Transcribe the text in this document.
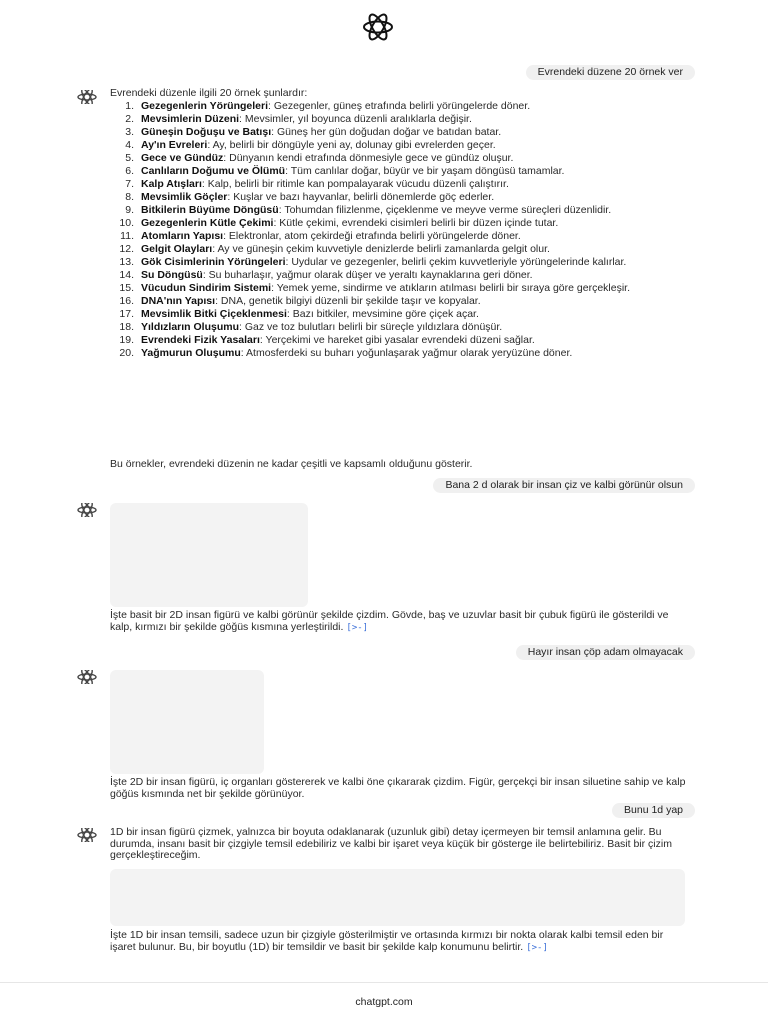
Evrendeki düzene 20 örnek ver
Evrendeki düzenle ilgili 20 örnek şunlardır:
1. Gezegenlerin Yörüngeleri: Gezegenler, güneş etrafında belirli yörüngelerde döner.
2. Mevsimlerin Düzeni: Mevsimler, yıl boyunca düzenli aralıklarla değişir.
3. Güneşin Doğuşu ve Batışı: Güneş her gün doğudan doğar ve batıdan batar.
4. Ay'ın Evreleri: Ay, belirli bir döngüyle yeni ay, dolunay gibi evrelerden geçer.
5. Gece ve Gündüz: Dünyanın kendi etrafında dönmesiyle gece ve gündüz oluşur.
6. Canlıların Doğumu ve Ölümü: Tüm canlılar doğar, büyür ve bir yaşam döngüsü tamamlar.
7. Kalp Atışları: Kalp, belirli bir ritimle kan pompalayarak vücudu düzenli çalıştırır.
8. Mevsimlik Göçler: Kuşlar ve bazı hayvanlar, belirli dönemlerde göç ederler.
9. Bitkilerin Büyüme Döngüsü: Tohumdan filizlenme, çiçeklenme ve meyve verme süreçleri düzenlidir.
10. Gezegenlerin Kütle Çekimi: Kütle çekimi, evrendeki cisimleri belirli bir düzen içinde tutar.
11. Atomların Yapısı: Elektronlar, atom çekirdeği etrafında belirli yörüngelerde döner.
12. Gelgit Olayları: Ay ve güneşin çekim kuvvetiyle denizlerde belirli zamanlarda gelgit olur.
13. Gök Cisimlerinin Yörüngeleri: Uydular ve gezegenler, belirli çekim kuvvetleriyle yörüngelerinde kalırlar.
14. Su Döngüsü: Su buharlaşır, yağmur olarak düşer ve yeraltı kaynaklarına geri döner.
15. Vücudun Sindirim Sistemi: Yemek yeme, sindirme ve atıkların atılması belirli bir sıraya göre gerçekleşir.
16. DNA'nın Yapısı: DNA, genetik bilgiyi düzenli bir şekilde taşır ve kopyalar.
17. Mevsimlik Bitki Çiçeklenmesi: Bazı bitkiler, mevsimine göre çiçek açar.
18. Yıldızların Oluşumu: Gaz ve toz bulutları belirli bir süreçle yıldızlara dönüşür.
19. Evrendeki Fizik Yasaları: Yerçekimi ve hareket gibi yasalar evrendeki düzeni sağlar.
20. Yağmurun Oluşumu: Atmosferdeki su buharı yoğunlaşarak yağmur olarak yeryüzüne döner.
Bu örnekler, evrendeki düzenin ne kadar çeşitli ve kapsamlı olduğunu gösterir.
Bana 2 d olarak bir insan çiz ve kalbi görünür olsun
İşte basit bir 2D insan figürü ve kalbi görünür şekilde çizdim. Gövde, baş ve uzuvlar basit bir çubuk figürü ile gösterildi ve kalp, kırmızı bir şekilde göğüs kısmına yerleştirildi. [>-]
Hayır insan çöp adam olmayacak
İşte 2D bir insan figürü, iç organları göstererek ve kalbi öne çıkararak çizdim. Figür, gerçekçi bir insan siluetine sahip ve kalp göğüs kısmında net bir şekilde görünüyor.
Bunu 1d yap
1D bir insan figürü çizmek, yalnızca bir boyuta odaklanarak (uzunluk gibi) detay içermeyen bir temsil anlamına gelir. Bu durumda, insanı basit bir çizgiyle temsil edebiliriz ve kalbi bir işaret veya küçük bir gösterge ile belirtebiliriz. Basit bir çizim gerçekleştireceğim.
İşte 1D bir insan temsili, sadece uzun bir çizgiyle gösterilmiştir ve ortasında kırmızı bir nokta olarak kalbi temsil eden bir işaret bulunur. Bu, bir boyutlu (1D) bir temsildir ve basit bir şekilde kalp konumunu belirtir. [>-]
chatgpt.com
